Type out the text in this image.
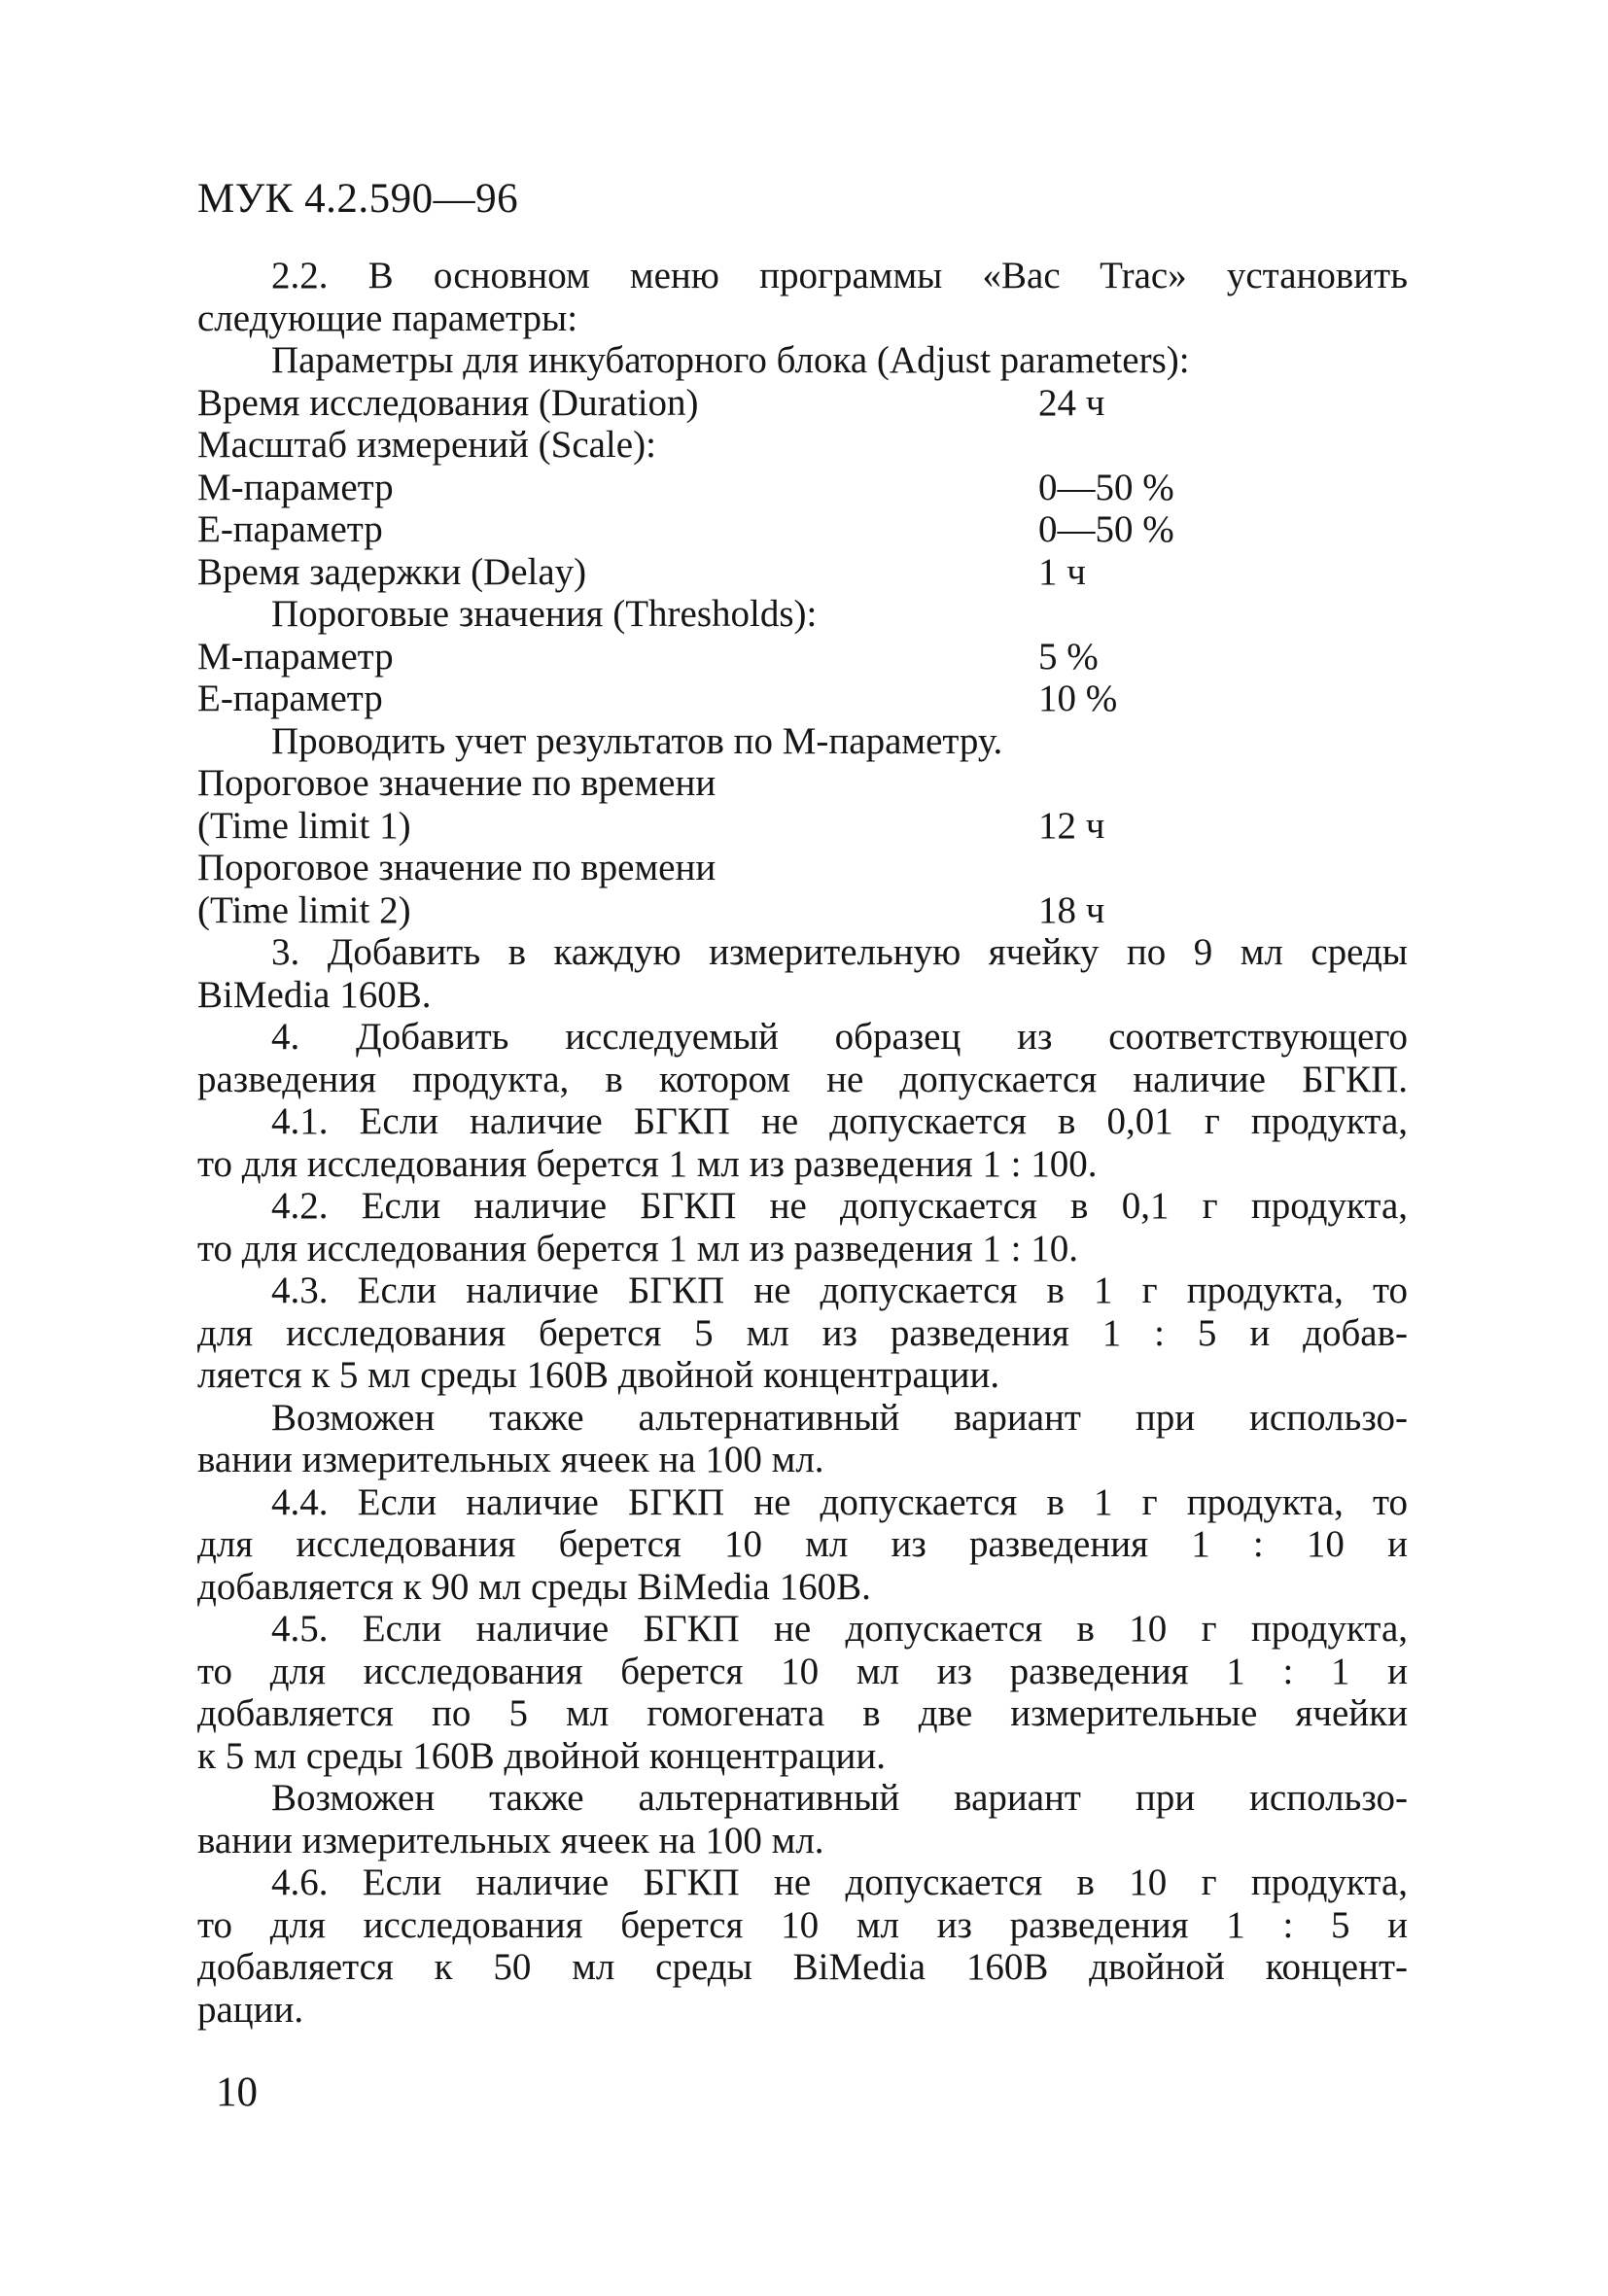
МУК 4.2.590—96
2.2. В основном меню программы «Bac Trac» установить
следующие параметры:
Параметры для инкубаторного блока (Adjust parameters):
Время исследования (Duration)	24 ч
Масштаб измерений (Scale):
М-параметр	0—50 %
Е-параметр	0—50 %
Время задержки (Delay)	1 ч
Пороговые значения (Thresholds):
М-параметр	5 %
Е-параметр	10 %
Проводить учет результатов по М-параметру.
Пороговое значение по времени
(Time limit 1)	12 ч
Пороговое значение по времени
(Time limit 2)	18 ч
3. Добавить в каждую измерительную ячейку по 9 мл среды
BiMedia 160B.
4. Добавить исследуемый образец из соответствующего
разведения продукта, в котором не допускается наличие БГКП.
4.1. Если наличие БГКП не допускается в 0,01 г продукта,
то для исследования берется 1 мл из разведения 1 : 100.
4.2. Если наличие БГКП не допускается в 0,1 г продукта,
то для исследования берется 1 мл из разведения 1 : 10.
4.3. Если наличие БГКП не допускается в 1 г продукта, то
для исследования берется 5 мл из разведения 1 : 5 и добав-
ляется к 5 мл среды 160В двойной концентрации.
Возможен также альтернативный вариант при использо-
вании измерительных ячеек на 100 мл.
4.4. Если наличие БГКП не допускается в 1 г продукта, то
для исследования берется 10 мл из разведения 1 : 10 и
добавляется к 90 мл среды BiMedia 160B.
4.5. Если наличие БГКП не допускается в 10 г продукта,
то для исследования берется 10 мл из разведения 1 : 1 и
добавляется по 5 мл гомогената в две измерительные ячейки
к 5 мл среды 160В двойной концентрации.
Возможен также альтернативный вариант при использо-
вании измерительных ячеек на 100 мл.
4.6. Если наличие БГКП не допускается в 10 г продукта,
то для исследования берется 10 мл из разведения 1 : 5 и
добавляется к 50 мл среды BiMedia 160B двойной концент-
рации.
10
